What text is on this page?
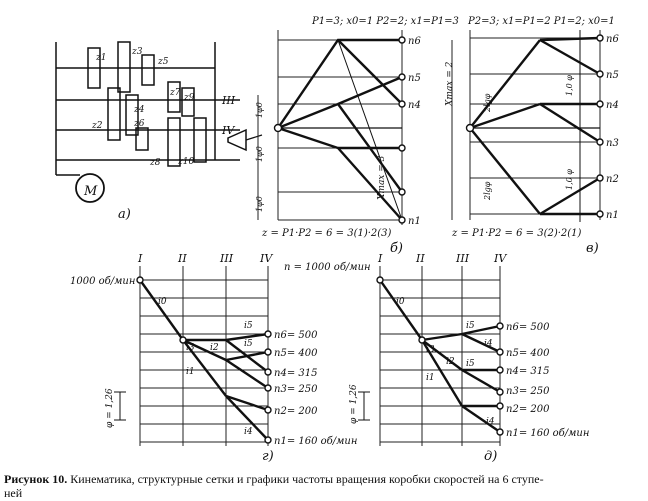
М
z1
z3
z5
z2
z4
z6
z7 z9
z8 z10
III
IV
а)
P1=3; x0=1 P2=2; x1=P1=3
1φ0
1φ0
1φ0
Xmax = 3
n6
n5
n4
n1
z = P1·P2 = 6 = 3(1)·2(3)
б)
P2=3; x1=P1=2 P1=2; x0=1
Xmax = 2	2lgφ
2lgφ
1,0 φ
1,0 φ
n6
n5
n4
n3
n2
n1
z = P1·P2 = 6 = 3(2)·2(1)
в)
I	II	III IV
1000 об/мин
n = 1000 об/мин
i0
i3 i2
i1
i5
i5
i4
φ = 1,26
n6= 500
n5= 400
n4= 315
n3= 250
n2= 200
n1= 160 об/мин
г)
I	II	III IV
i0
i3
i5
i1
i2 i5
i4
i4
φ = 1,26
n6= 500
n5= 400
n4= 315
n3= 250
n2= 200
n1= 160 об/мин
д)
Рисунок 10. Кинематика, структурные сетки и графики частоты вращения коробки скоростей на 6 ступе-
ней
